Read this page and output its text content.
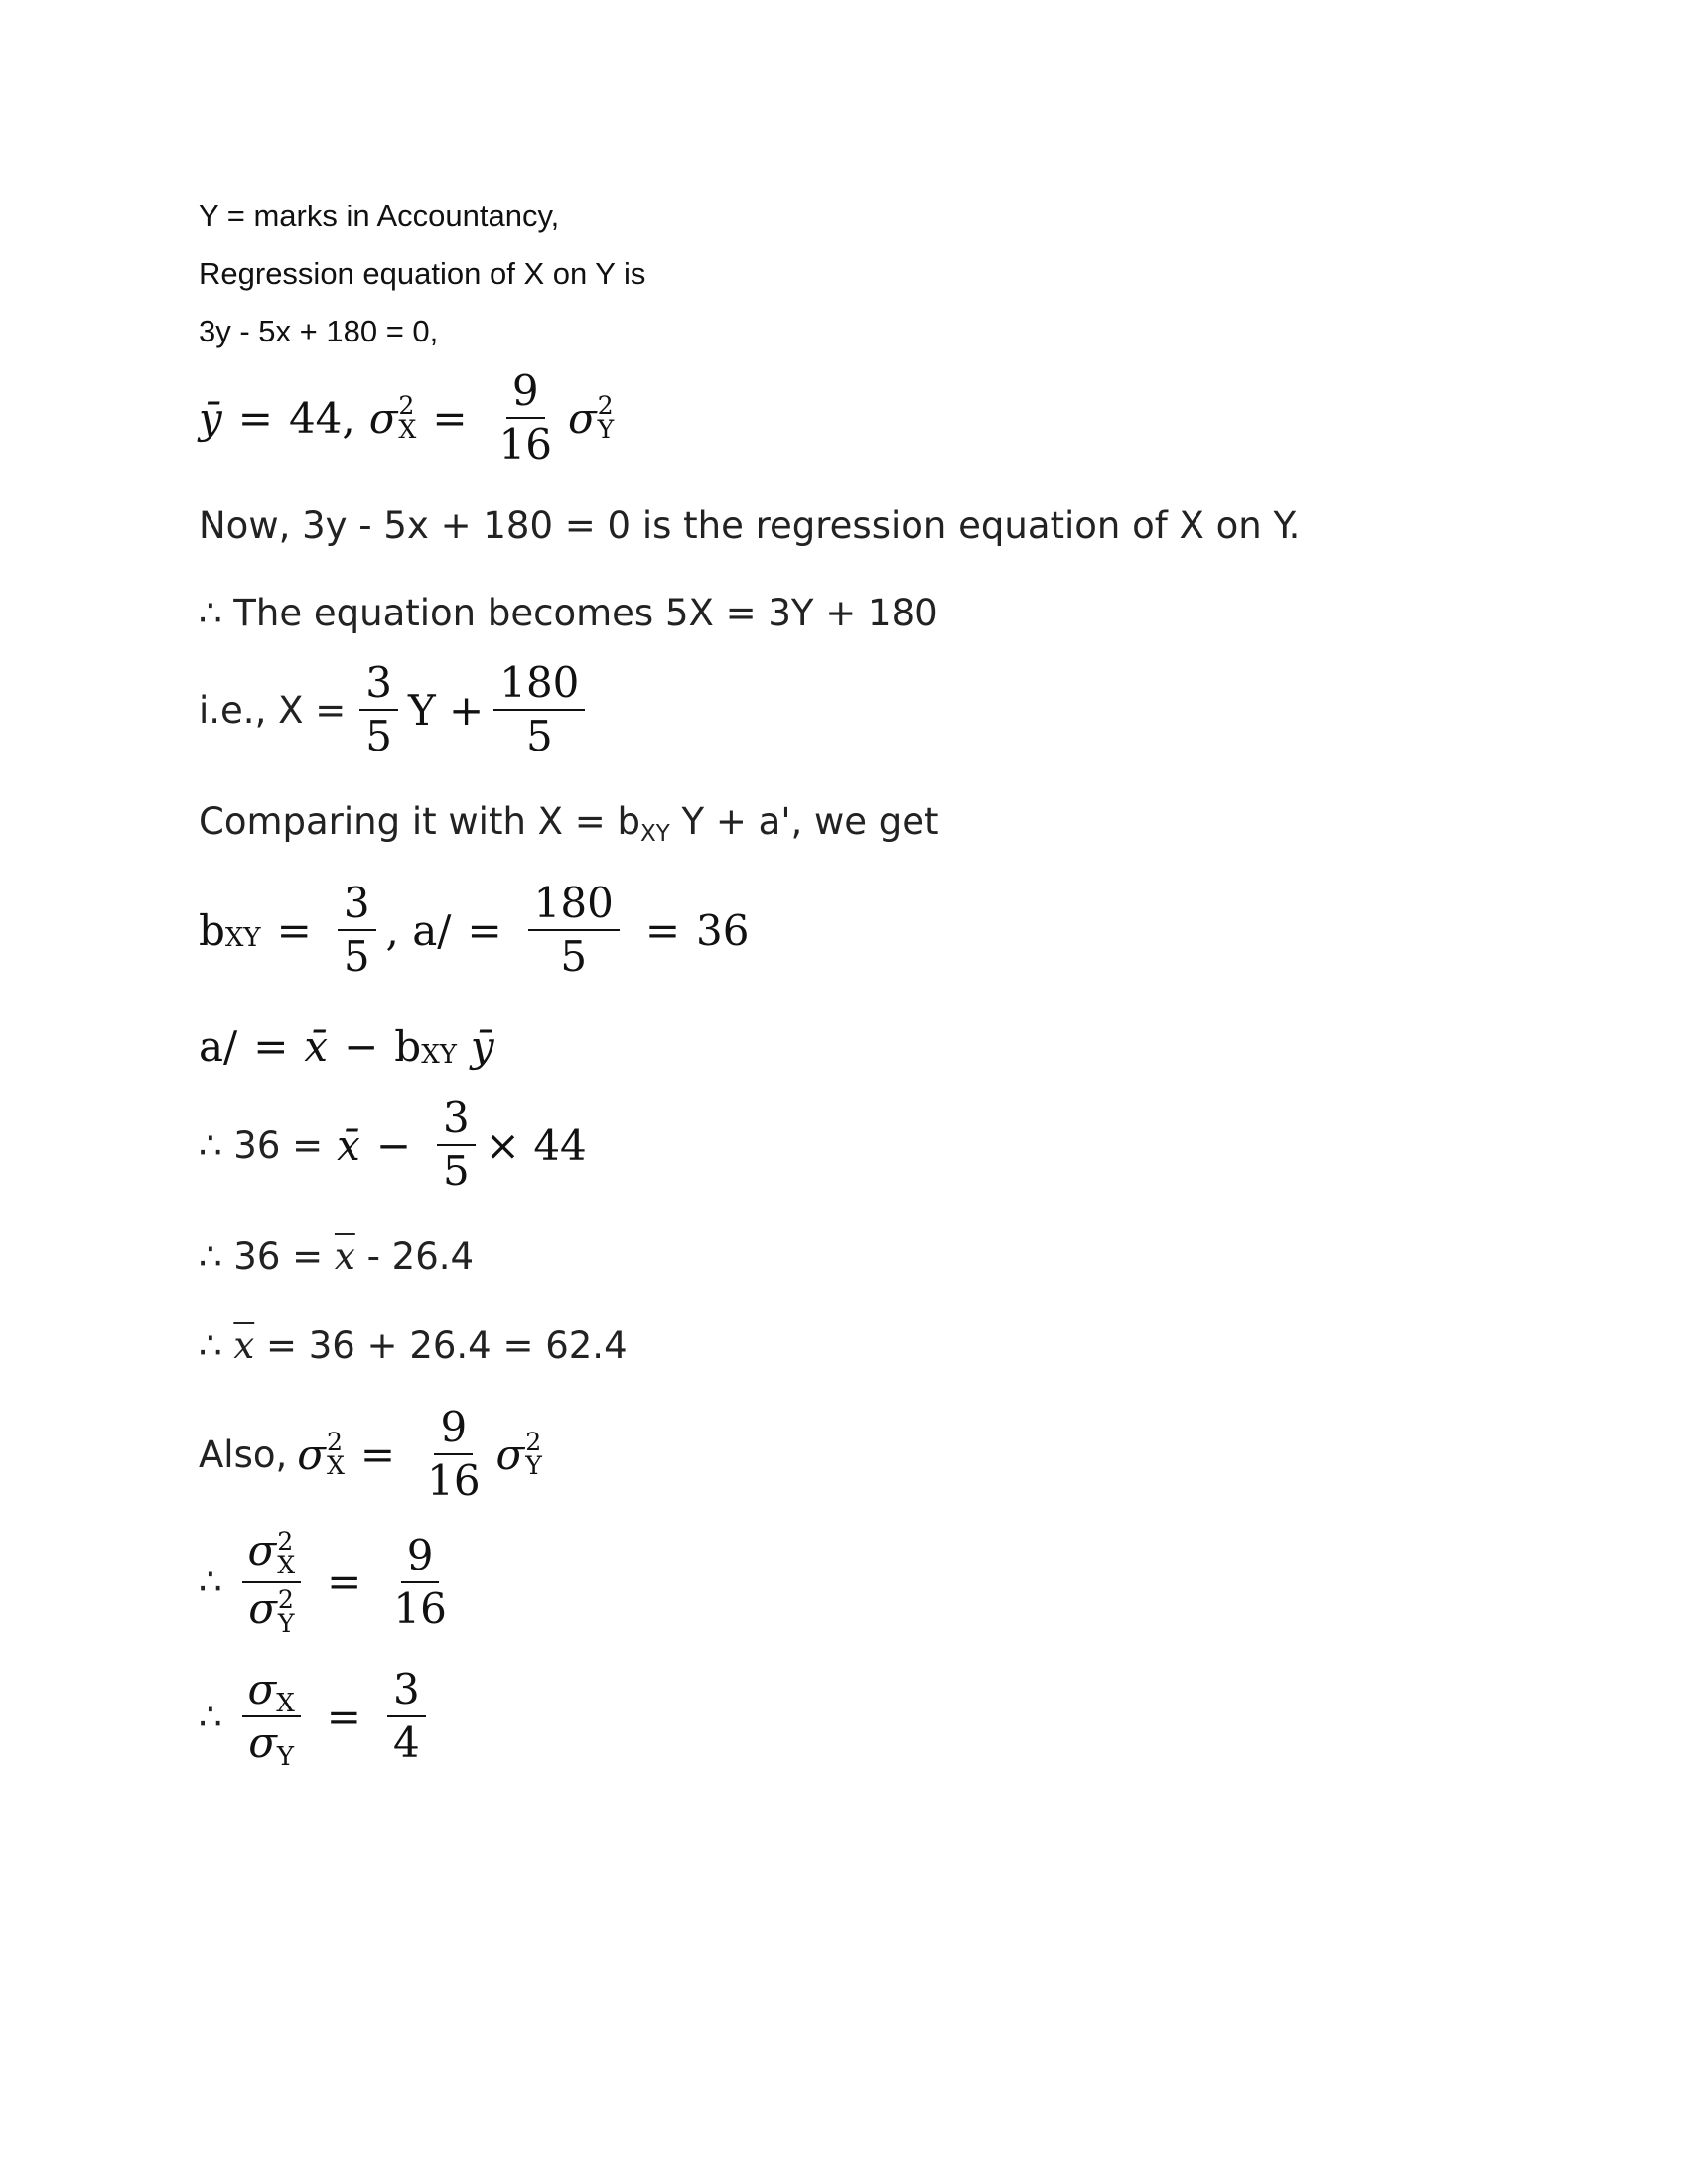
Y = marks in Accountancy,
Regression equation of X on Y is
3y - 5x + 180 = 0,
ȳ = 44, σ 2
$X = \frac{9}{16}$ σ 2
Y
Now, 3y - 5x + 180 = 0 is the regression equation of X on Y.
∴ The equation becomes 5X = 3Y + 180
i.e., $X = \frac{3}{5}$ $Y + \frac{180}{5}$
Comparing it with X = bXY Y + a', we get
b XY = $\frac{3}{5}$ , $a/ = \frac{180}{5} = 36$
a/ = x̄ − b XY ȳ
∴ 36 = x̄ − $\frac{3}{5} \times 44$
∴ $36 = \overline{x} - 26.4$
∴ $\overline{x} = 36 + 26.4 = 62.4$
Also, σ 2
$X = \frac{9}{16}$ σ 2
Y
∴ σ 2
X
σ 2
$Y = \frac{9}{16}$
∴ $\frac{\sigma X}{\sigma Y} = \frac{3}{4}$
